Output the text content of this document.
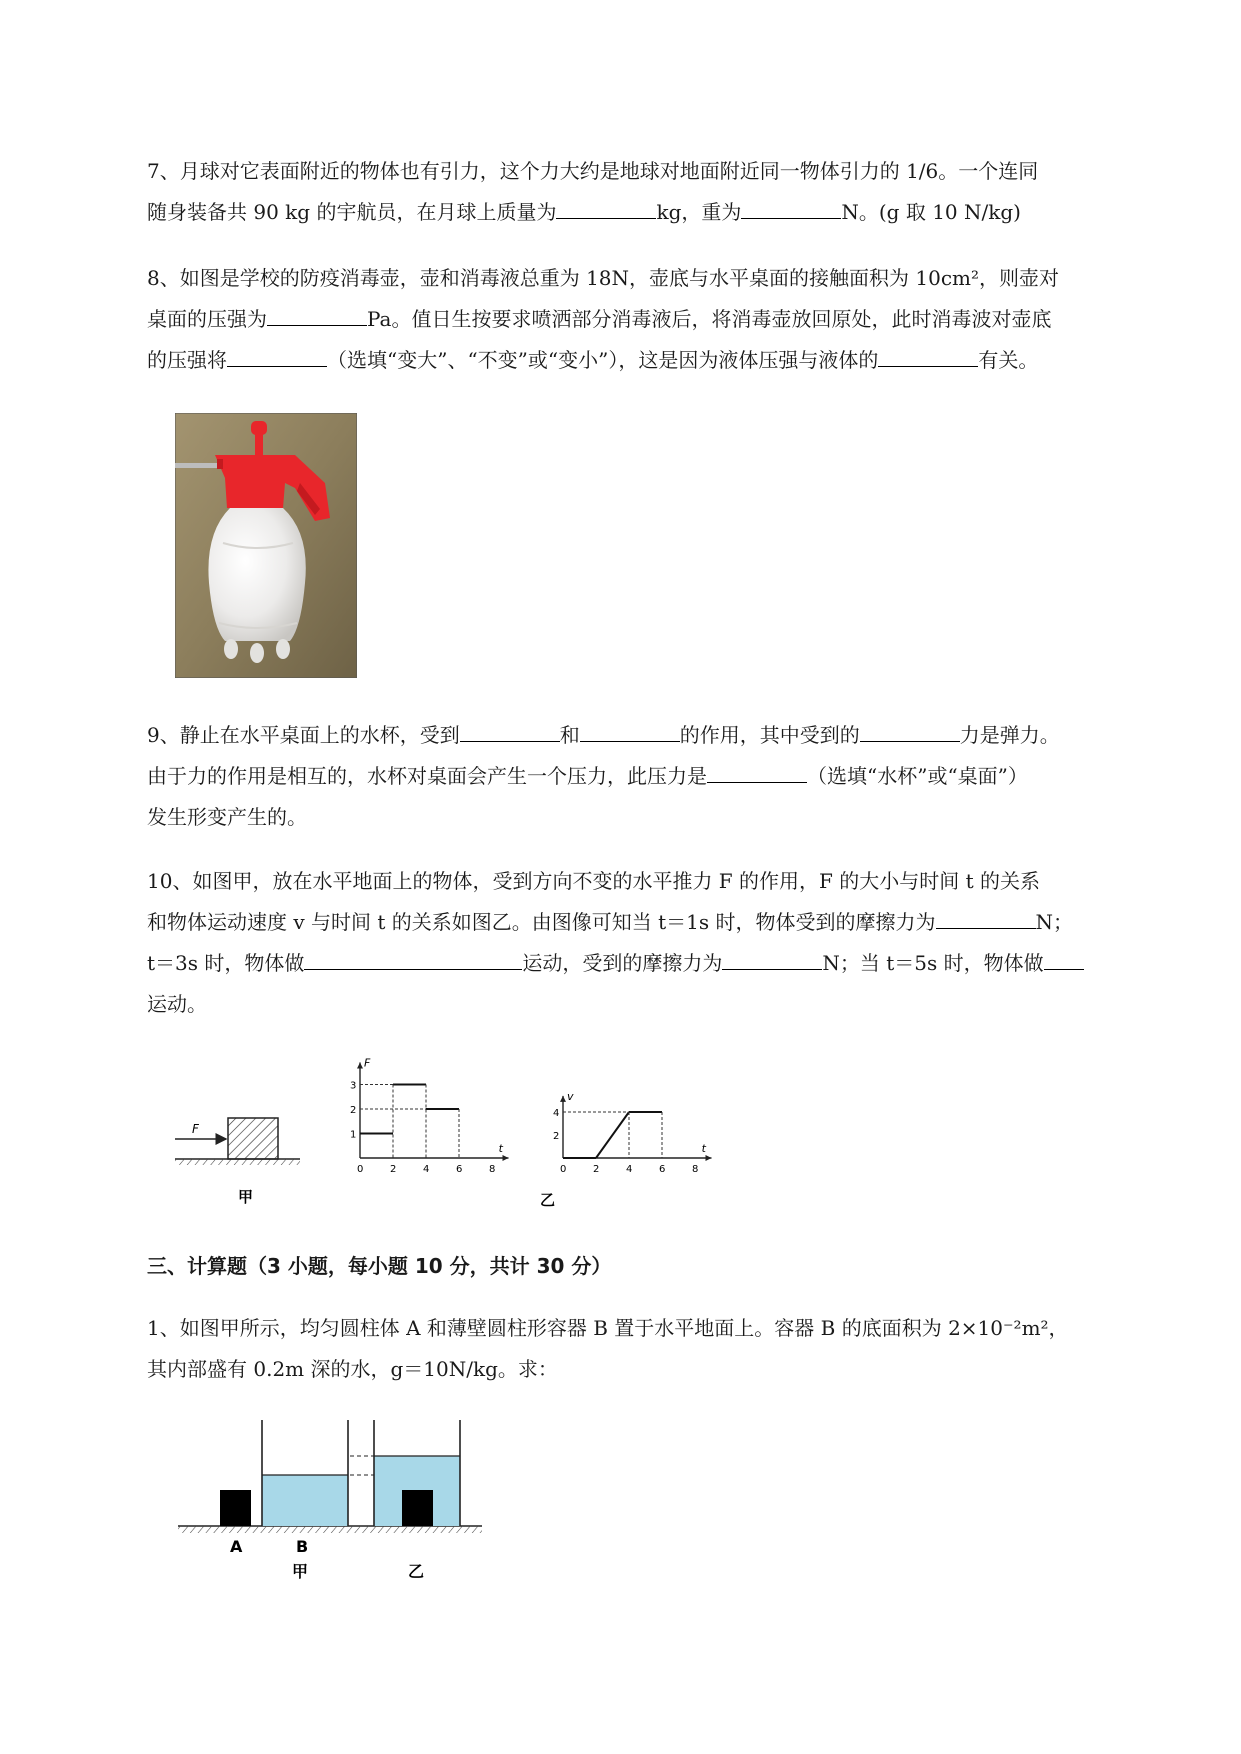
7、月球对它表面附近的物体也有引力，这个力大约是地球对地面附近同一物体引力的 1/6。一个连同
随身装备共 90 kg 的宇航员，在月球上质量为	kg，重为	N。(g 取 10 N/kg)
8、如图是学校的防疫消毒壶，壶和消毒液总重为 18N，壶底与水平桌面的接触面积为 10cm²，则壶对
桌面的压强为	Pa。值日生按要求喷洒部分消毒液后，将消毒壶放回原处，此时消毒波对壶底
的压强将	（选填“变大”、“不变”或“变小”），这是因为液体压强与液体的	有关。
9、静止在水平桌面上的水杯，受到	和	的作用，其中受到的	力是弹力。
由于力的作用是相互的，水杯对桌面会产生一个压力，此压力是	（选填“水杯”或“桌面”）
发生形变产生的。
10、如图甲，放在水平地面上的物体，受到方向不变的水平推力 F 的作用，F 的大小与时间 t 的关系
和物体运动速度 v 与时间 t 的关系如图乙。由图像可知当 t＝1s 时，物体受到的摩擦力为	N；
t＝3s 时，物体做	运动，受到的摩擦力为	N；当 t＝5s 时，物体做
运动。
F
甲
F
t
0	2	4	6	8
1
2
3
v
t
0	2	4	6	8
2
4
乙
三、计算题（3 小题，每小题 10 分，共计 30 分）
1、如图甲所示，均匀圆柱体 A 和薄壁圆柱形容器 B 置于水平地面上。容器 B 的底面积为 2×10⁻²m²，
其内部盛有 0.2m 深的水，g＝10N/kg。求：
A	B
甲	乙
